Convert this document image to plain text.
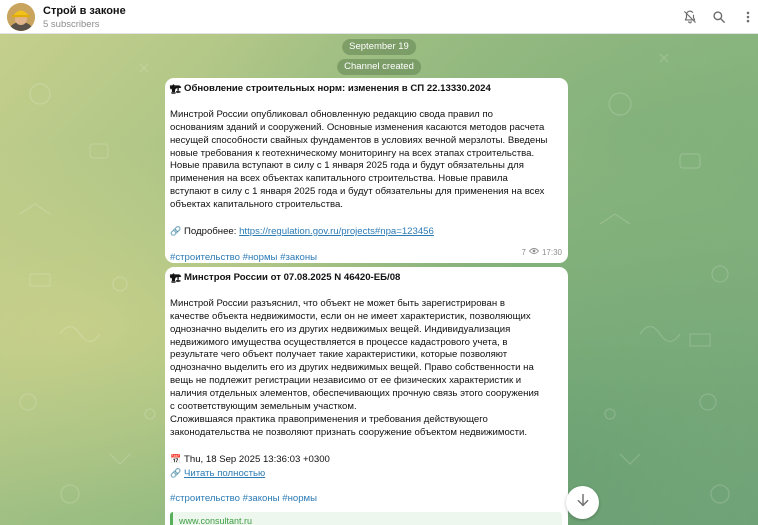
Строй в законе
5 subscribers
September 19
Channel created
🏗 Обновление строительных норм: изменения в СП 22.13330.2024

Минстрой России опубликовал обновленную редакцию свода правил по

основаниям зданий и сооружений. Основные изменения касаются методов расчета

несущей способности свайных фундаментов в условиях вечной мерзлоты. Введены

новые требования к геотехническому мониторингу на всех этапах строительства.

Новые правила вступают в силу с 1 января 2025 года и будут обязательны для

применения на всех объектах капитального строительства. Новые правила

вступают в силу с 1 января 2025 года и будут обязательны для применения на всех

объектах капитального строительства.

🔗 Подробнее: https://regulation.gov.ru/projects#npa=123456

#строительство #нормы #законы	7 17:30
🏗 Минстроя России от 07.08.2025 N 46420-ЕБ/08

Минстрой России разъяснил, что объект не может быть зарегистрирован в

качестве объекта недвижимости, если он не имеет характеристик, позволяющих

однозначно выделить его из других недвижимых вещей. Индивидуализация

недвижимого имущества осуществляется в процессе кадастрового учета, в

результате чего объект получает такие характеристики, которые позволяют

однозначно выделить его из других недвижимых вещей. Право собственности на

вещь не подлежит регистрации независимо от ее физических характеристик и

наличия отдельных элементов, обеспечивающих прочную связь этого сооружения

с соответствующим земельным участком.

Сложившаяся практика правоприменения и требования действующего

законодательства не позволяют признать сооружение объектом недвижимости.

📅 Thu, 18 Sep 2025 13:36:03 +0300

🔗 Читать полностью

#строительство #законы #нормы

www.consultant.ru
